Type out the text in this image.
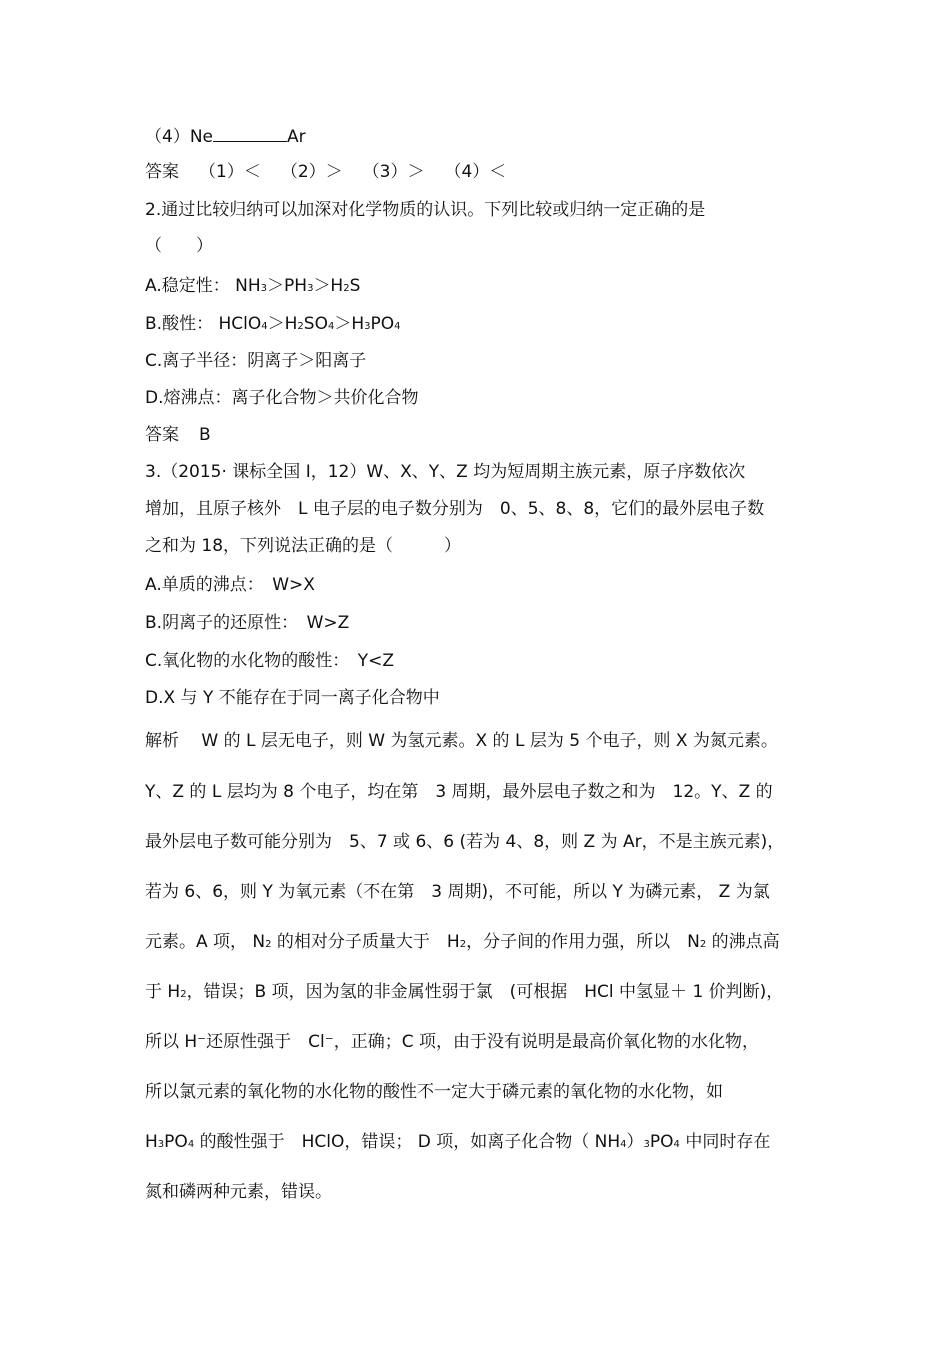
（4）Ne	Ar
答案 （1）＜ （2）＞ （3）＞ （4）＜
2.通过比较归纳可以加深对化学物质的认识。下列比较或归纳一定正确的是
（　　）
A.稳定性： NH3＞PH3＞H2S
B.酸性： HClO4＞H2SO4＞H3PO4
C.离子半径：阴离子＞阳离子
D.熔沸点：离子化合物＞共价化合物
答案 B
3.（2015· 课标全国 Ⅰ，12）W、X、Y、Z 均为短周期主族元素，原子序数依次
增加，且原子核外　L 电子层的电子数分别为　0、5、8、8，它们的最外层电子数
之和为 18，下列说法正确的是（　　　）
A.单质的沸点：　W>X
B.阴离子的还原性：　W>Z
C.氧化物的水化物的酸性：　Y<Z
D.X 与 Y 不能存在于同一离子化合物中
解析　 W 的 L 层无电子，则 W 为氢元素。X 的 L 层为 5 个电子，则 X 为氮元素。
Y、Z 的 L 层均为 8 个电子，均在第　3 周期，最外层电子数之和为　12。Y、Z 的
最外层电子数可能分别为　5、7 或 6、6 (若为 4、8，则 Z 为 Ar，不是主族元素)，
若为 6、6，则 Y 为氧元素（不在第　3 周期)，不可能，所以 Y 为磷元素， Z 为氯
元素。A 项， N2 的相对分子质量大于　H2，分子间的作用力强，所以　N2 的沸点高
于 H2，错误；B 项，因为氢的非金属性弱于氯　(可根据　HCl 中氢显＋ 1 价判断)，
所以 H⁻还原性强于　Cl⁻，正确；C 项，由于没有说明是最高价氧化物的水化物，
所以氯元素的氧化物的水化物的酸性不一定大于磷元素的氧化物的水化物，如
H3PO4 的酸性强于　HClO，错误； D 项，如离子化合物（ NH4）3PO4 中同时存在
氮和磷两种元素，错误。
